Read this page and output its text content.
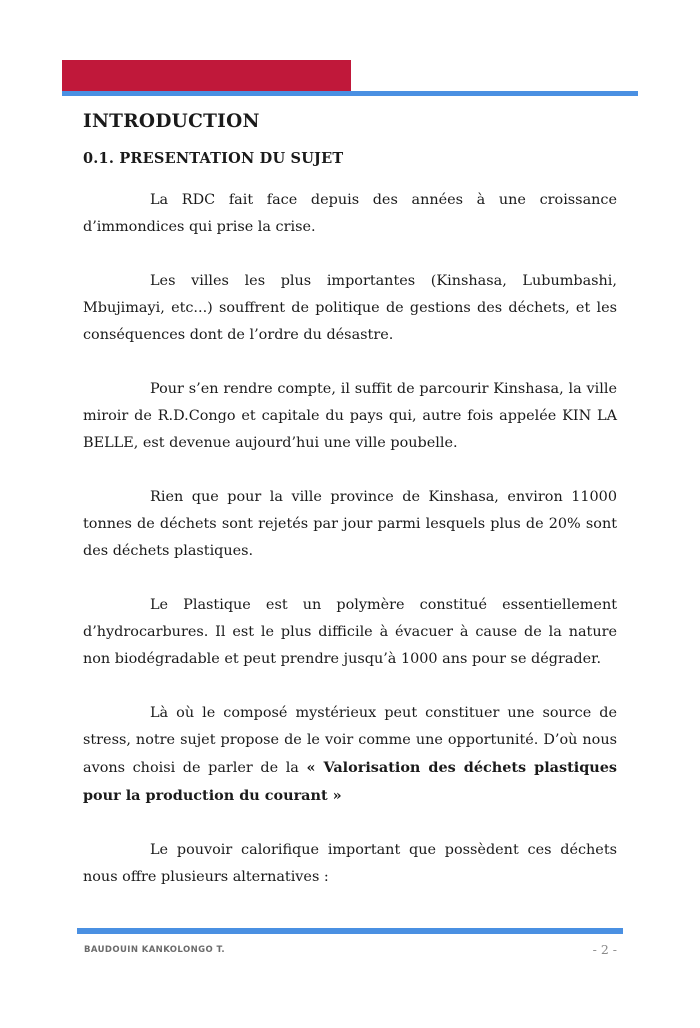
INTRODUCTION
0.1. PRESENTATION DU SUJET

La RDC fait face depuis des années à une croissance d’immondices qui prise la crise.

Les villes les plus importantes (Kinshasa, Lubumbashi, Mbujimayi, etc...) souffrent de politique de gestions des déchets, et les conséquences dont de l’ordre du désastre.

Pour s’en rendre compte, il suffit de parcourir Kinshasa, la ville miroir de R.D.Congo et capitale du pays qui, autre fois appelée KIN LA BELLE, est devenue aujourd’hui une ville poubelle.

Rien que pour la ville province de Kinshasa, environ 11000 tonnes de déchets sont rejetés par jour parmi lesquels plus de 20% sont des déchets plastiques.

Le Plastique est un polymère constitué essentiellement d’hydrocarbures. Il est le plus difficile à évacuer à cause de la nature non biodégradable et peut prendre jusqu’à 1000 ans pour se dégrader.

Là où le composé mystérieux peut constituer une source de stress, notre sujet propose de le voir comme une opportunité. D’où nous avons choisi de parler de la « Valorisation des déchets plastiques pour la production du courant »

Le pouvoir calorifique important que possèdent ces déchets nous offre plusieurs alternatives :

BAUDOUIN KANKOLONGO T.	- 2 -
